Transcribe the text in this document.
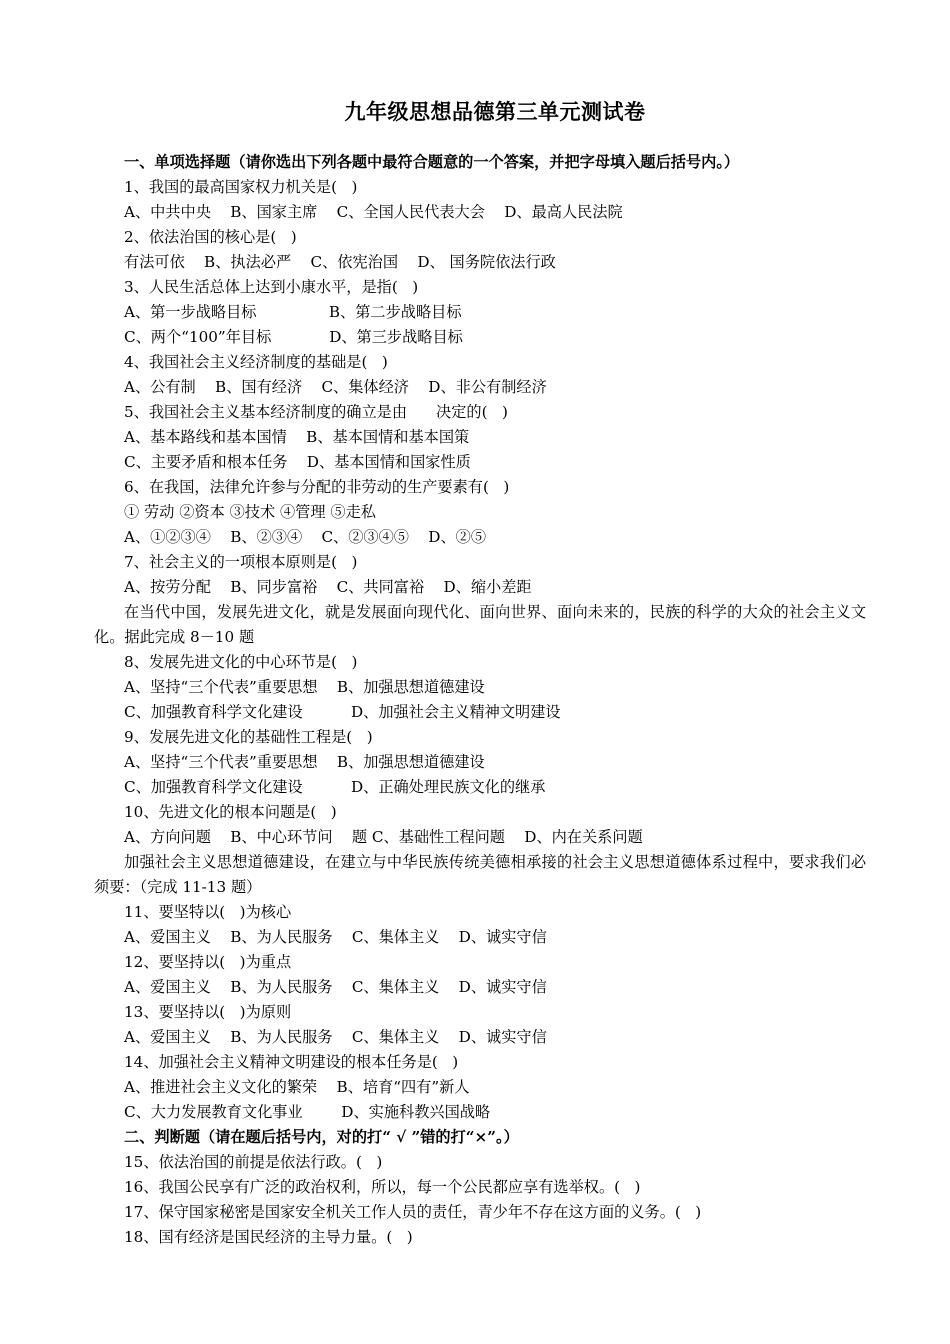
九年级思想品德第三单元测试卷
一、单项选择题（请你选出下列各题中最符合题意的一个答案，并把字母填入题后括号内。）
1、我国的最高国家权力机关是(   )
A、中共中央    B、国家主席    C、全国人民代表大会    D、最高人民法院
2、依法治国的核心是(   )
有法可依    B、执法必严    C、依宪治国    D、 国务院依法行政
3、人民生活总体上达到小康水平，是指(   )
A、第一步战略目标               B、第二步战略目标
C、两个“100”年目标            D、第三步战略目标
4、我国社会主义经济制度的基础是(   )
A、公有制    B、国有经济    C、集体经济    D、非公有制经济
5、我国社会主义基本经济制度的确立是由      决定的(   )
A、基本路线和基本国情    B、基本国情和基本国策
C、主要矛盾和根本任务    D、基本国情和国家性质
6、在我国，法律允许参与分配的非劳动的生产要素有(   )
① 劳动 ②资本 ③技术 ④管理 ⑤走私
A、①②③④    B、②③④    C、②③④⑤    D、②⑤
7、社会主义的一项根本原则是(   )
A、按劳分配    B、同步富裕    C、共同富裕    D、缩小差距
在当代中国，发展先进文化，就是发展面向现代化、面向世界、面向未来的，民族的科学的大众的社会主义文化。据此完成 8－10 题
8、发展先进文化的中心环节是(   )
A、坚持“三个代表”重要思想    B、加强思想道德建设
C、加强教育科学文化建设          D、加强社会主义精神文明建设
9、发展先进文化的基础性工程是(   )
A、坚持“三个代表”重要思想    B、加强思想道德建设
C、加强教育科学文化建设          D、正确处理民族文化的继承
10、先进文化的根本问题是(   )
A、方向问题    B、中心环节问    题 C、基础性工程问题    D、内在关系问题
加强社会主义思想道德建设，在建立与中华民族传统美德相承接的社会主义思想道德体系过程中，要求我们必须要：（完成 11-13 题）
11、要坚特以(   )为核心
A、爱国主义    B、为人民服务    C、集体主义    D、诚实守信
12、要坚持以(   )为重点
A、爱国主义    B、为人民服务    C、集体主义    D、诚实守信
13、要坚持以(   )为原则
A、爱国主义    B、为人民服务    C、集体主义    D、诚实守信
14、加强社会主义精神文明建设的根本任务是(   )
A、推进社会主义文化的繁荣    B、培育“四有”新人
C、大力发展教育文化事业        D、实施科教兴国战略
二、判断题（请在题后括号内，对的打“ √ ”错的打“×”。）
15、依法治国的前提是依法行政。(   )
16、我国公民享有广泛的政治权利，所以，每一个公民都应享有选举权。(   )
17、保守国家秘密是国家安全机关工作人员的责任，青少年不存在这方面的义务。(   )
18、国有经济是国民经济的主导力量。(   )
